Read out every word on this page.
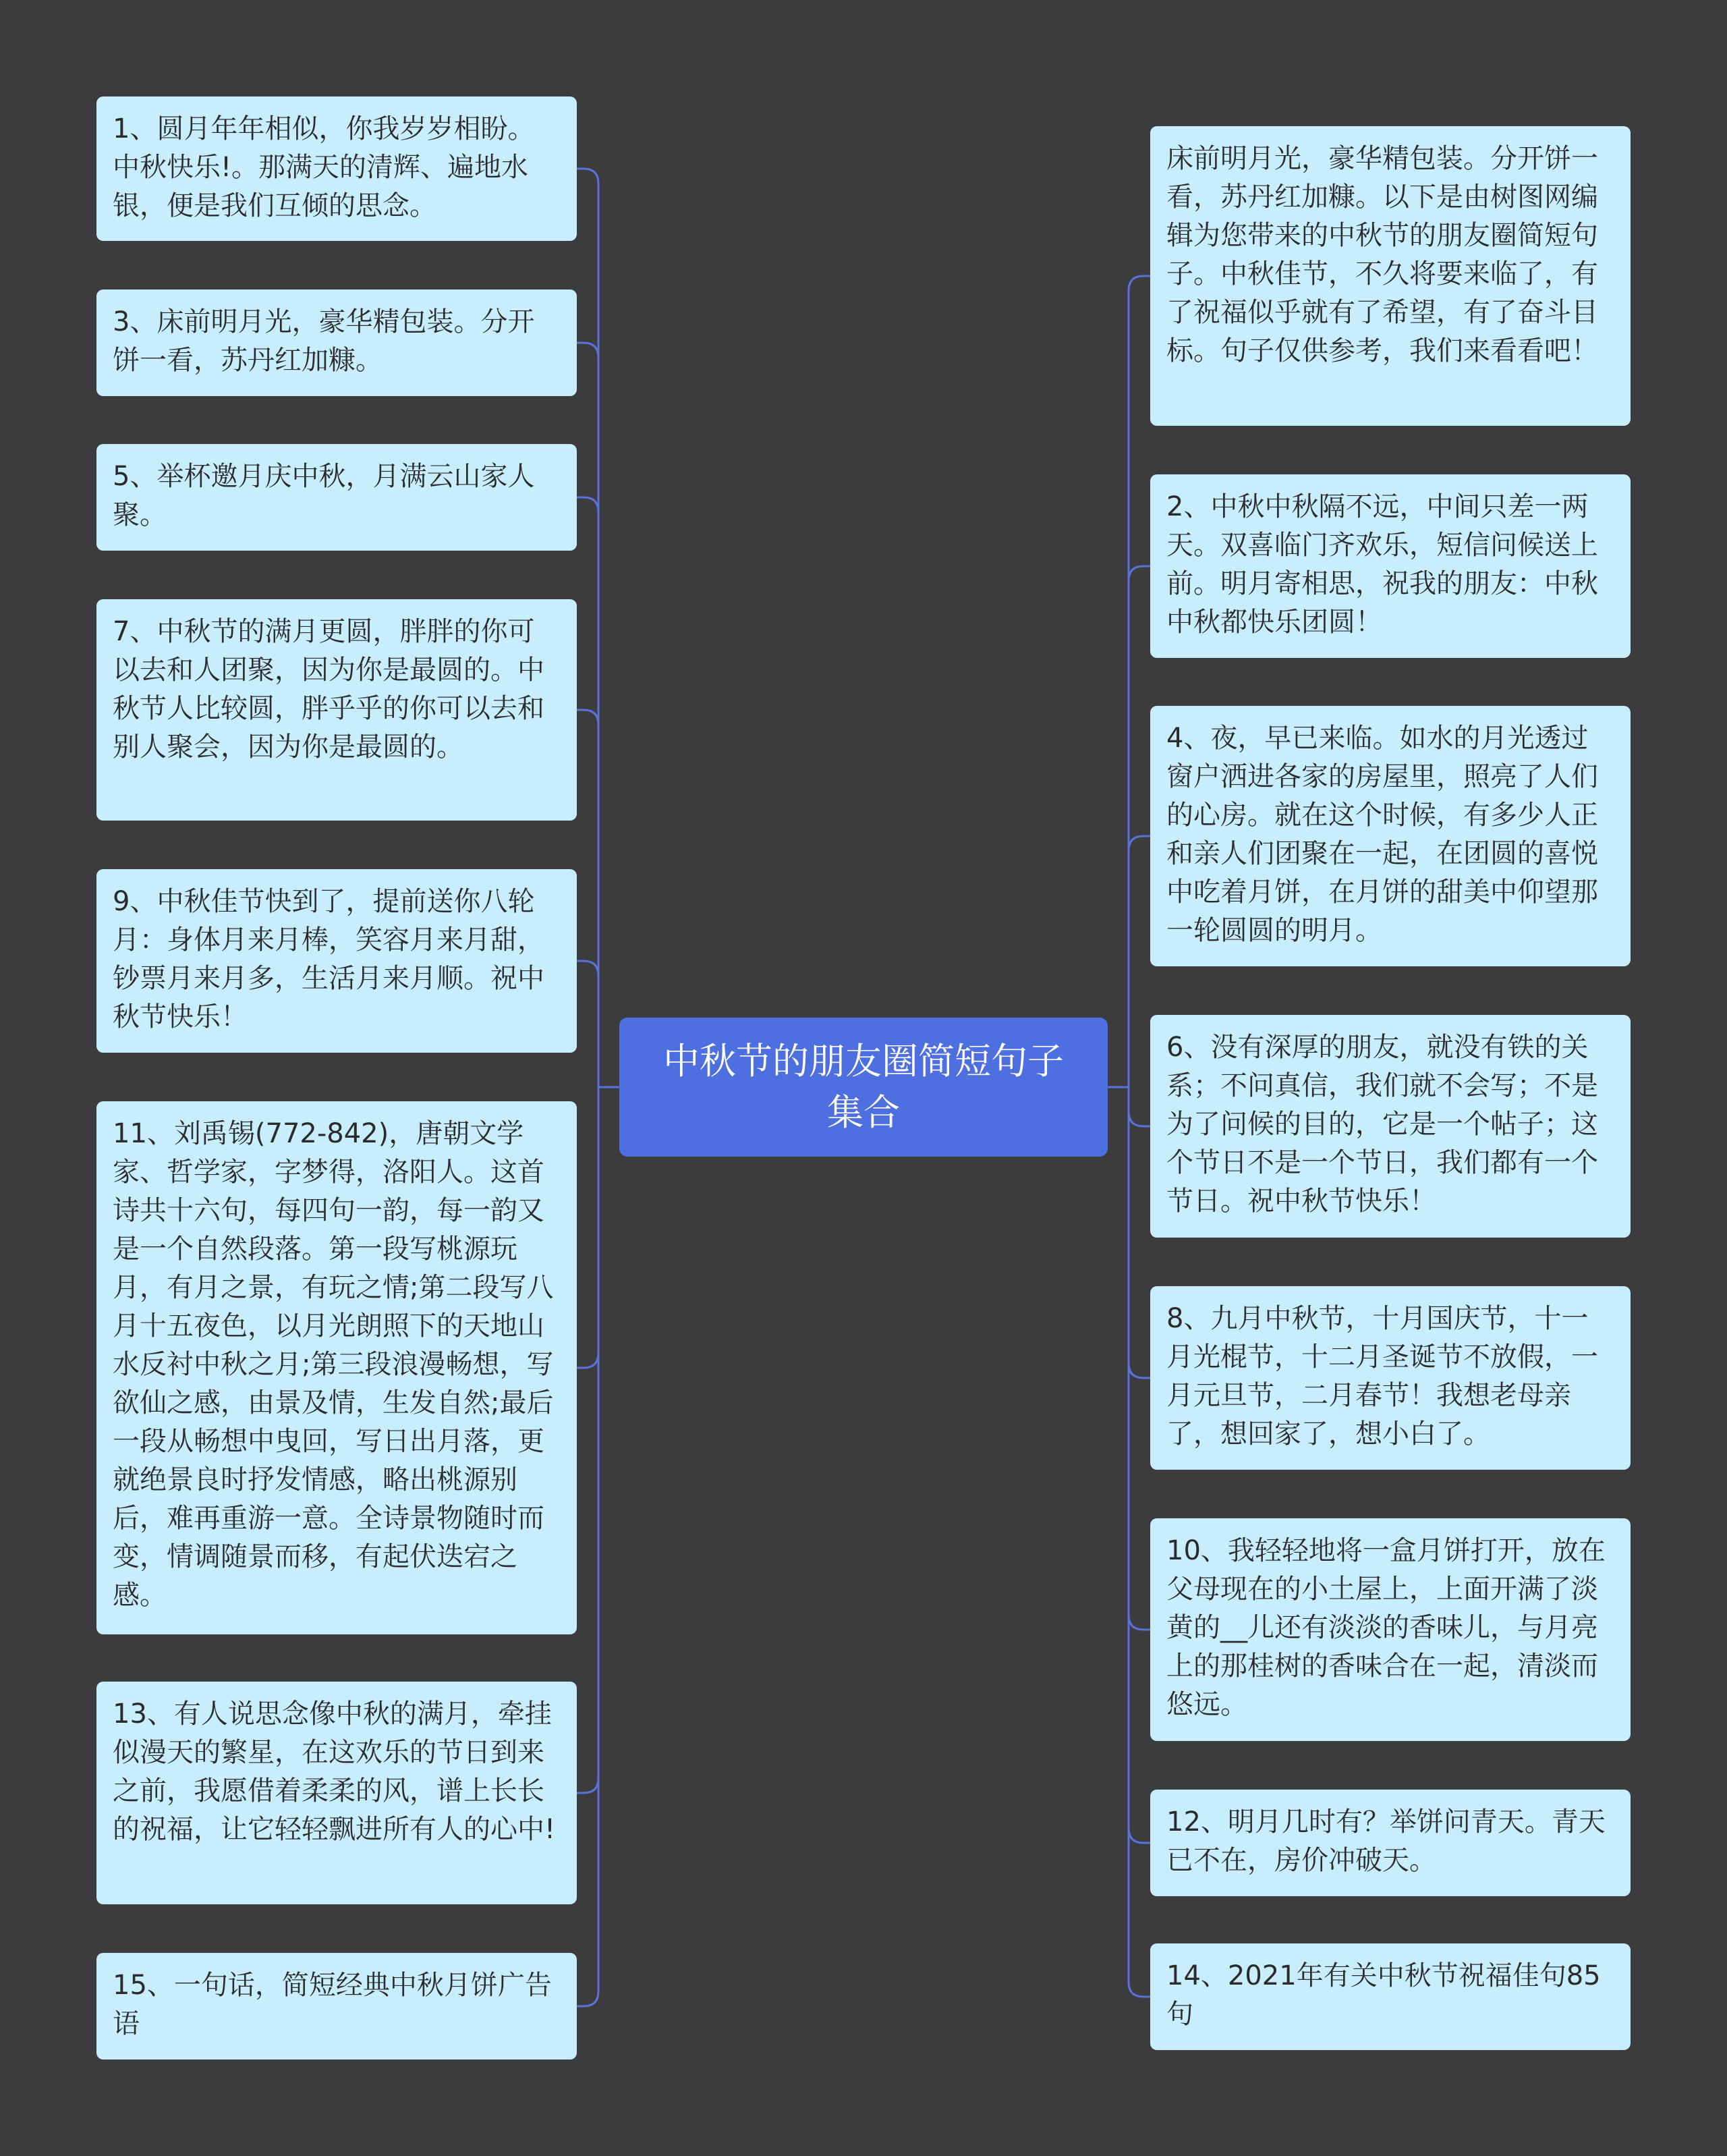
中秋节的朋友圈简短句子集合
1、圆月年年相似，你我岁岁相盼。中秋快乐!。那满天的清辉、遍地水银，便是我们互倾的思念。
3、床前明月光，豪华精包装。分开饼一看，苏丹红加糠。
5、举杯邀月庆中秋，月满云山家人聚。
7、中秋节的满月更圆，胖胖的你可以去和人团聚，因为你是最圆的。中秋节人比较圆，胖乎乎的你可以去和别人聚会，因为你是最圆的。
9、中秋佳节快到了，提前送你八轮月：身体月来月棒，笑容月来月甜，钞票月来月多，生活月来月顺。祝中秋节快乐！
11、刘禹锡(772-842)，唐朝文学家、哲学家，字梦得，洛阳人。这首诗共十六句，每四句一韵，每一韵又是一个自然段落。第一段写桃源玩月，有月之景，有玩之情;第二段写八月十五夜色，以月光朗照下的天地山水反衬中秋之月;第三段浪漫畅想，写欲仙之感，由景及情，生发自然;最后一段从畅想中曳回，写日出月落，更就绝景良时抒发情感，略出桃源别后，难再重游一意。全诗景物随时而变，情调随景而移，有起伏迭宕之感。
13、有人说思念像中秋的满月，牵挂似漫天的繁星，在这欢乐的节日到来之前，我愿借着柔柔的风，谱上长长的祝福，让它轻轻飘进所有人的心中!
15、一句话，简短经典中秋月饼广告语
床前明月光，豪华精包装。分开饼一看，苏丹红加糠。以下是由树图网编辑为您带来的中秋节的朋友圈简短句子。中秋佳节，不久将要来临了，有了祝福似乎就有了希望，有了奋斗目标。句子仅供参考，我们来看看吧！
2、中秋中秋隔不远，中间只差一两天。双喜临门齐欢乐，短信问候送上前。明月寄相思，祝我的朋友：中秋中秋都快乐团圆！
4、夜，早已来临。如水的月光透过窗户洒进各家的房屋里，照亮了人们的心房。就在这个时候，有多少人正和亲人们团聚在一起，在团圆的喜悦中吃着月饼，在月饼的甜美中仰望那一轮圆圆的明月。
6、没有深厚的朋友，就没有铁的关系；不问真信，我们就不会写；不是为了问候的目的，它是一个帖子；这个节日不是一个节日，我们都有一个节日。祝中秋节快乐！
8、九月中秋节，十月国庆节，十一月光棍节，十二月圣诞节不放假，一月元旦节，二月春节！我想老母亲了，想回家了，想小白了。
10、我轻轻地将一盒月饼打开，放在父母现在的小土屋上，上面开满了淡黄的__儿还有淡淡的香味儿，与月亮上的那桂树的香味合在一起，清淡而悠远。
12、明月几时有？举饼问青天。青天已不在，房价冲破天。
14、2021年有关中秋节祝福佳句85句
